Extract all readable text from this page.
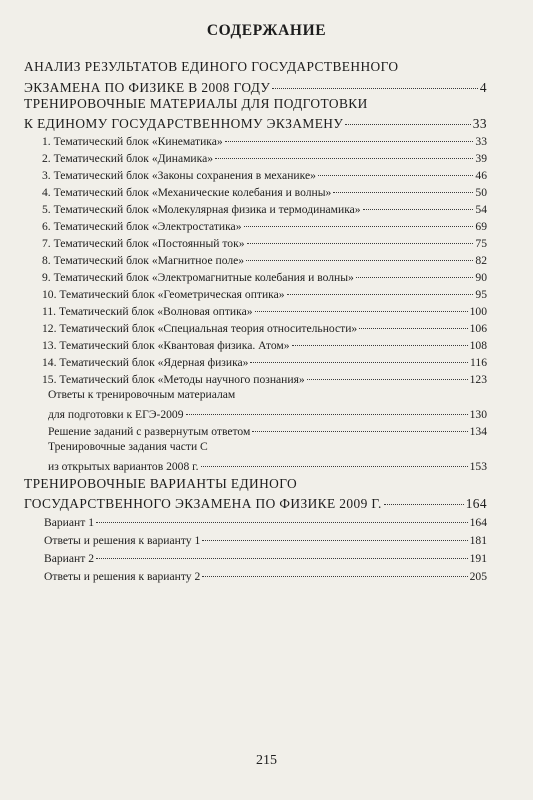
СОДЕРЖАНИЕ
АНАЛИЗ РЕЗУЛЬТАТОВ ЕДИНОГО ГОСУДАРСТВЕННОГО
ЭКЗАМЕНА ПО ФИЗИКЕ В 2008 ГОДУ	4
ТРЕНИРОВОЧНЫЕ МАТЕРИАЛЫ ДЛЯ ПОДГОТОВКИ
К ЕДИНОМУ ГОСУДАРСТВЕННОМУ ЭКЗАМЕНУ	33
1. Тематический блок «Кинематика»	33
2. Тематический блок «Динамика»	39
3. Тематический блок «Законы сохранения в механике»	46
4. Тематический блок «Механические колебания и волны»	50
5. Тематический блок «Молекулярная физика и термодинамика»	54
6. Тематический блок «Электростатика»	69
7. Тематический блок «Постоянный ток»	75
8. Тематический блок «Магнитное поле»	82
9. Тематический блок «Электромагнитные колебания и волны»	90
10. Тематический блок «Геометрическая оптика»	95
11. Тематический блок «Волновая оптика»	100
12. Тематический блок «Специальная теория относительности»	106
13. Тематический блок «Квантовая физика. Атом»	108
14. Тематический блок «Ядерная физика»	116
15. Тематический блок «Методы научного познания»	123
Ответы к тренировочным материалам
для подготовки к ЕГЭ-2009	130
Решение заданий с развернутым ответом	134
Тренировочные задания части С
из открытых вариантов 2008 г.	153
ТРЕНИРОВОЧНЫЕ ВАРИАНТЫ ЕДИНОГО
ГОСУДАРСТВЕННОГО ЭКЗАМЕНА ПО ФИЗИКЕ 2009 Г.	164
Вариант 1	164
Ответы и решения к варианту 1	181
Вариант 2	191
Ответы и решения к варианту 2	205
215
